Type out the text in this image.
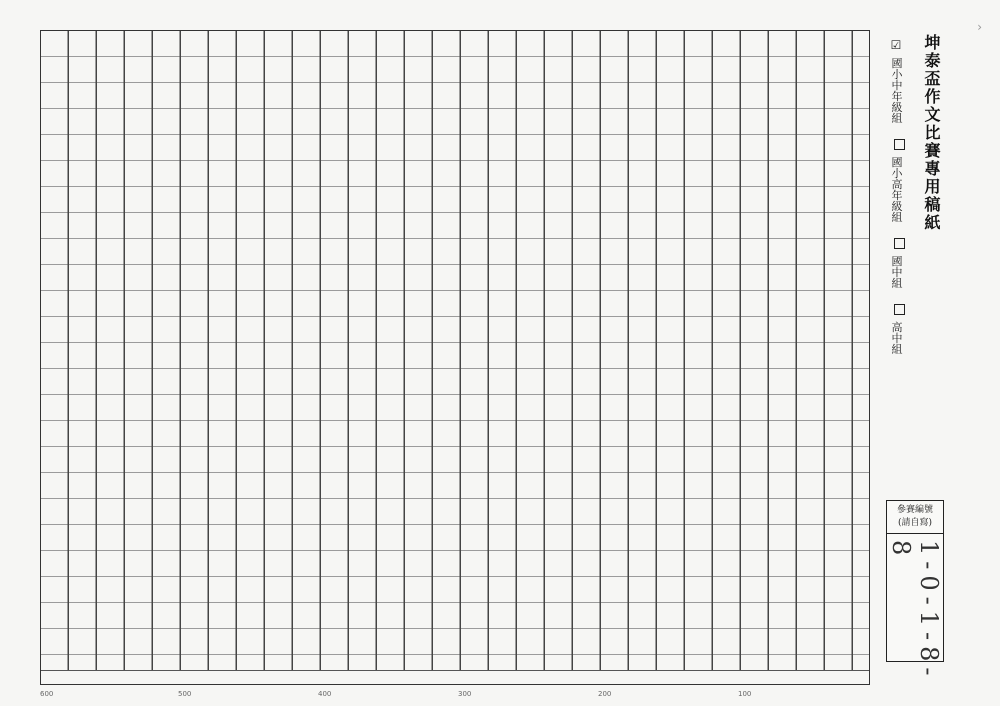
600	500	400	300	200	100
坤泰盃作文比賽專用稿紙
☑ 國小中年級組  國小高年級組  國中組  高中組
參賽編號
(請自寫)
1-0-1-8-8
›
